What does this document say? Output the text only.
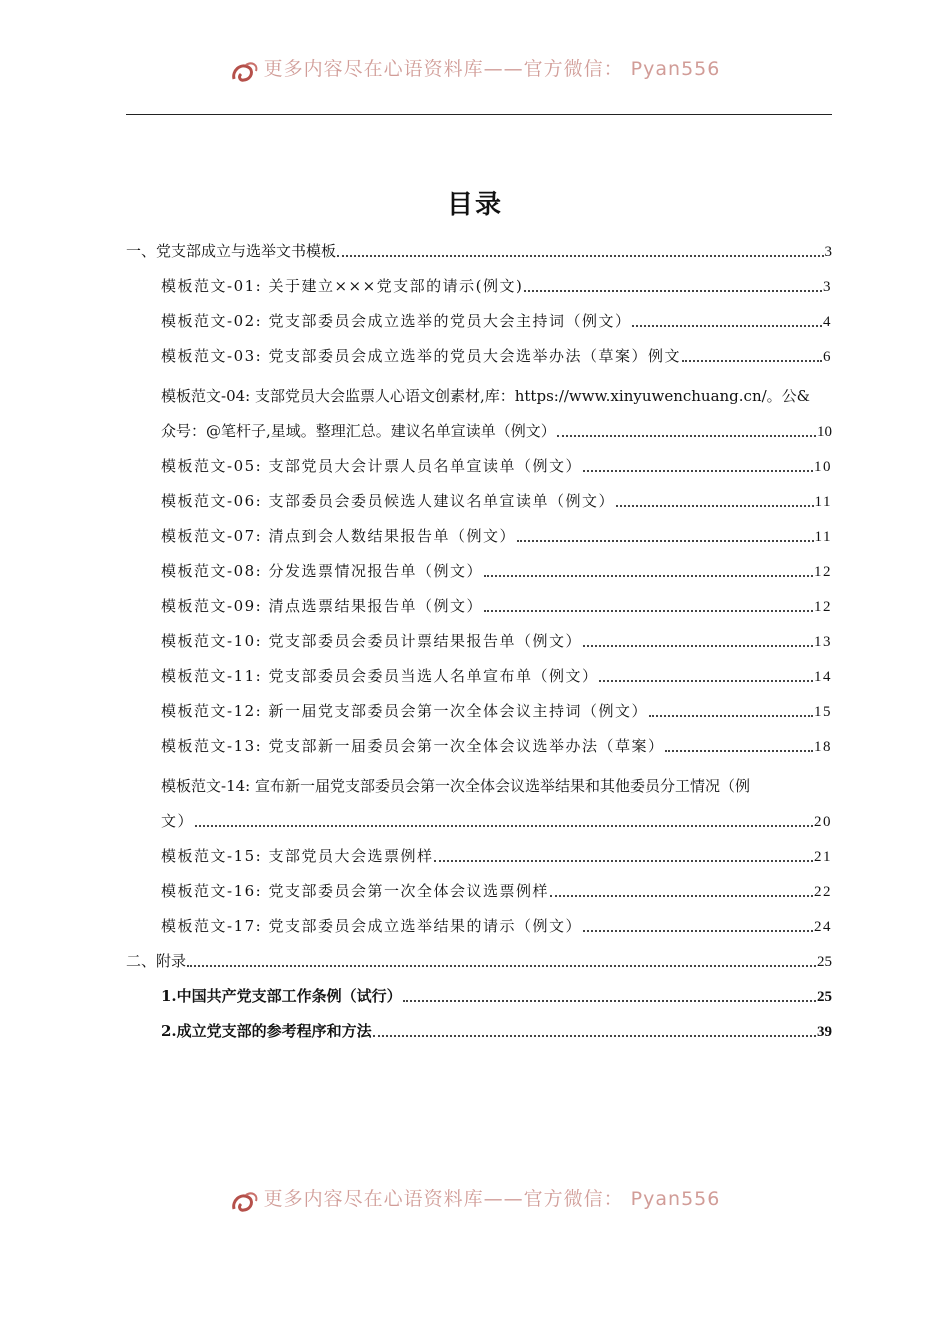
更多内容尽在心语资料库——官方微信： Pyan556
目录
一、党支部成立与选举文书模板	3
模板范文-01: 关于建立×××党支部的请示(例文)	3
模板范文-02: 党支部委员会成立选举的党员大会主持词（例文）	4
模板范文-03: 党支部委员会成立选举的党员大会选举办法（草案）例文	6
模板范文-04: 支部党员大会监票人心语文创素材,库：https://www.xinyuwenchuang.cn/。公&
众号：@笔杆子,星域。整理汇总。建议名单宣读单（例文）	10
模板范文-05: 支部党员大会计票人员名单宣读单（例文）	10
模板范文-06: 支部委员会委员候选人建议名单宣读单（例文）	11
模板范文-07: 清点到会人数结果报告单（例文）	11
模板范文-08: 分发选票情况报告单（例文）	12
模板范文-09: 清点选票结果报告单（例文）	12
模板范文-10: 党支部委员会委员计票结果报告单（例文）	13
模板范文-11: 党支部委员会委员当选人名单宣布单（例文）	14
模板范文-12: 新一届党支部委员会第一次全体会议主持词（例文）	15
模板范文-13: 党支部新一届委员会第一次全体会议选举办法（草案）	18
模板范文-14: 宣布新一届党支部委员会第一次全体会议选举结果和其他委员分工情况（例
文）	20
模板范文-15: 支部党员大会选票例样	21
模板范文-16: 党支部委员会第一次全体会议选票例样	22
模板范文-17: 党支部委员会成立选举结果的请示（例文）	24
二、附录	25
1.中国共产党支部工作条例（试行）	25
2.成立党支部的参考程序和方法	39
更多内容尽在心语资料库——官方微信： Pyan556
